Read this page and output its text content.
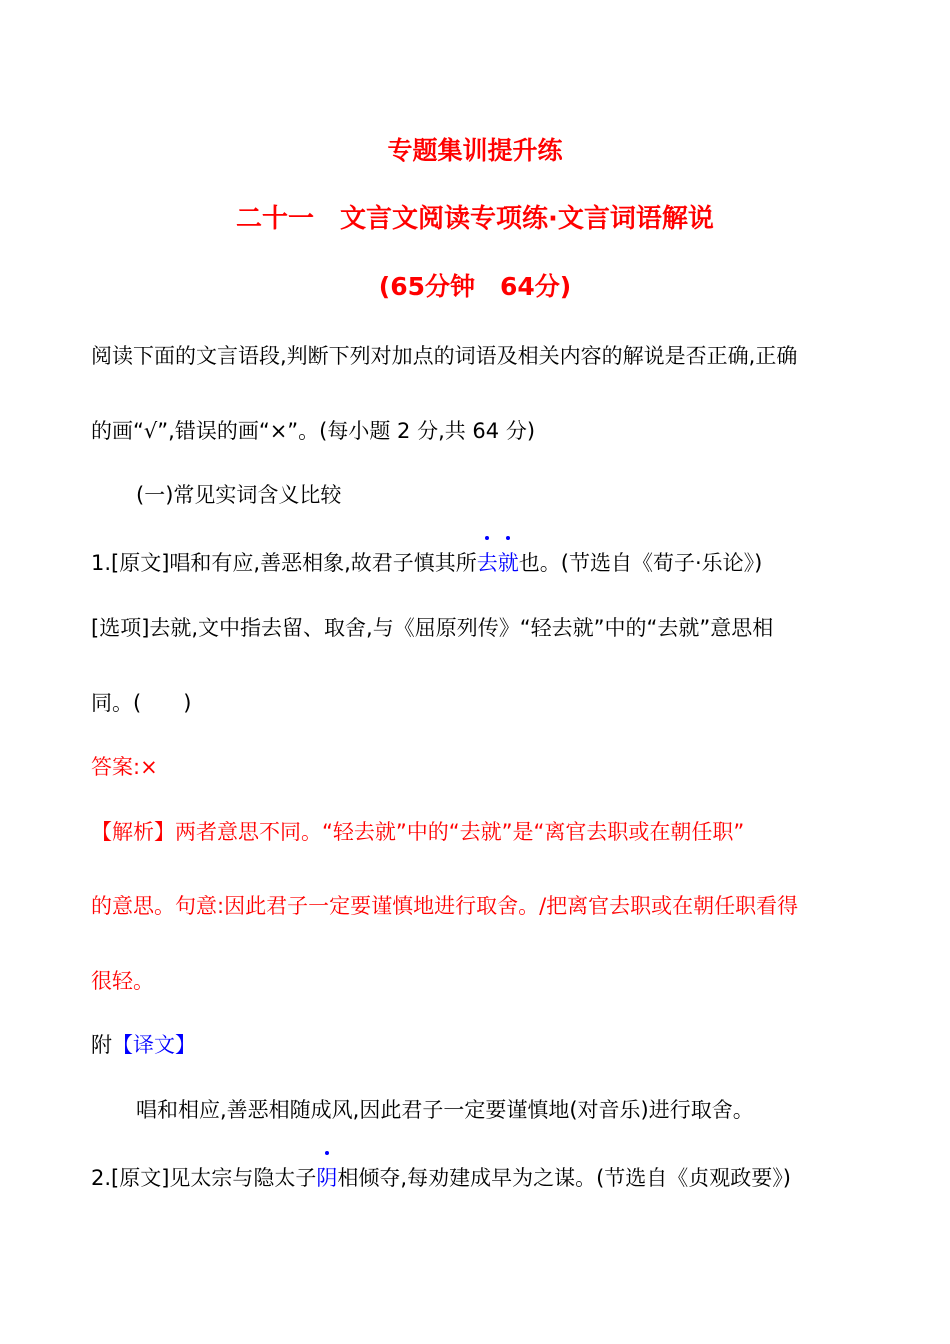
专题集训提升练
二十一　文言文阅读专项练·文言词语解说
(65分钟　64分)
阅读下面的文言语段,判断下列对加点的词语及相关内容的解说是否正确,正确
的画“√”,错误的画“×”。(每小题 2 分,共 64 分)
(一)常见实词含义比较
1.[原文]唱和有应,善恶相象,故君子慎其所去就也。(节选自《荀子·乐论》)
[选项]去就,文中指去留、取舍,与《屈原列传》“轻去就”中的“去就”意思相
同。(　　)
答案:×
【解析】两者意思不同。“轻去就”中的“去就”是“离官去职或在朝任职”
的意思。句意:因此君子一定要谨慎地进行取舍。/把离官去职或在朝任职看得
很轻。
附【译文】
唱和相应,善恶相随成风,因此君子一定要谨慎地(对音乐)进行取舍。
2.[原文]见太宗与隐太子阴相倾夺,每劝建成早为之谋。(节选自《贞观政要》)
